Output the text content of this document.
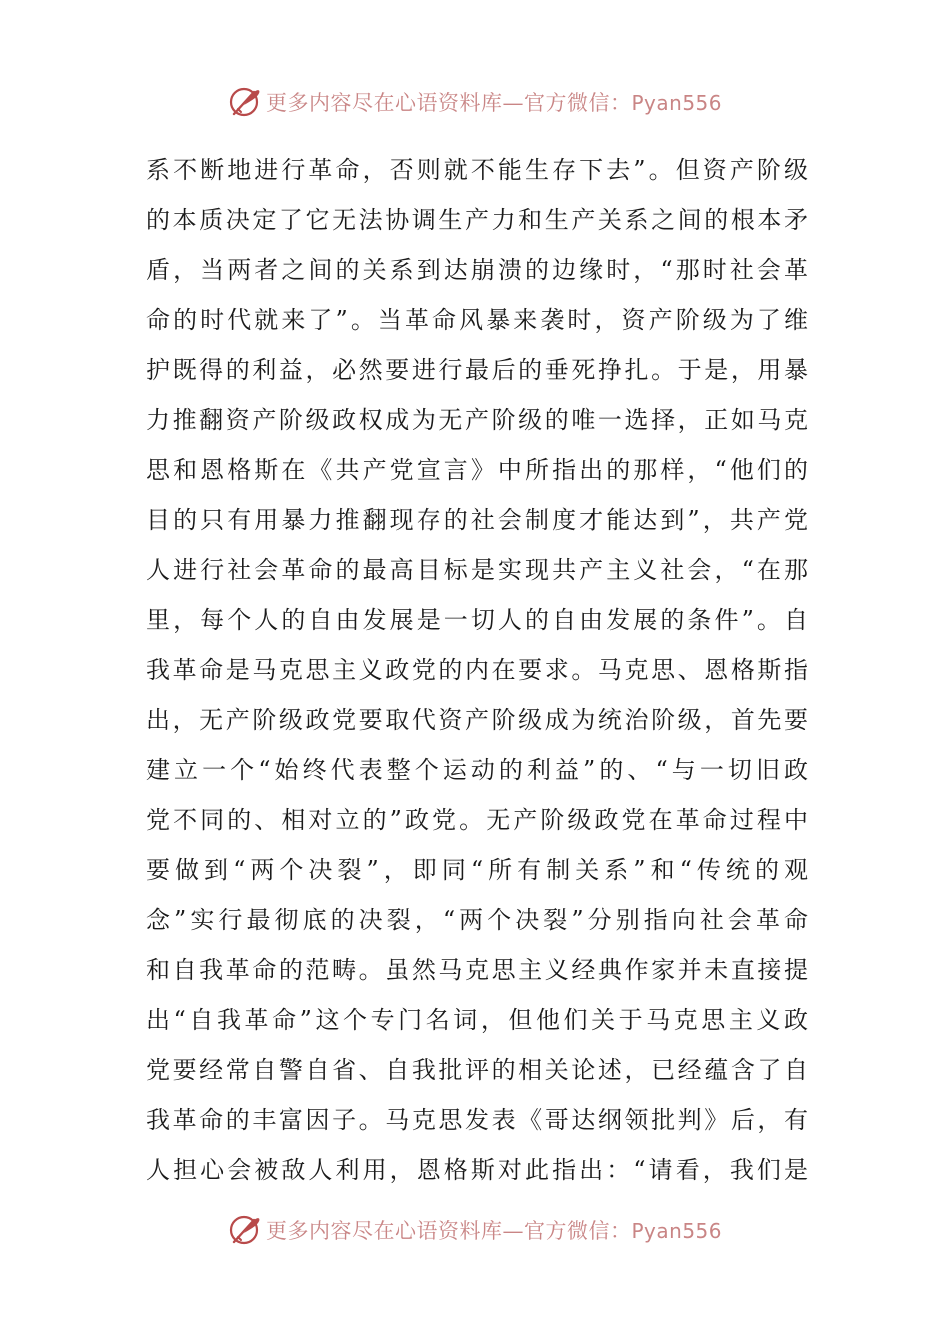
更多内容尽在心语资料库—官方微信：Pyan556
系不断地进行革命，否则就不能生存下去”。但资产阶级
的本质决定了它无法协调生产力和生产关系之间的根本矛
盾，当两者之间的关系到达崩溃的边缘时，“那时社会革
命的时代就来了”。当革命风暴来袭时，资产阶级为了维
护既得的利益，必然要进行最后的垂死挣扎。于是，用暴
力推翻资产阶级政权成为无产阶级的唯一选择，正如马克
思和恩格斯在《共产党宣言》中所指出的那样，“他们的
目的只有用暴力推翻现存的社会制度才能达到”，共产党
人进行社会革命的最高目标是实现共产主义社会，“在那
里，每个人的自由发展是一切人的自由发展的条件”。自
我革命是马克思主义政党的内在要求。马克思、恩格斯指
出，无产阶级政党要取代资产阶级成为统治阶级，首先要
建立一个“始终代表整个运动的利益”的、“与一切旧政
党不同的、相对立的”政党。无产阶级政党在革命过程中
要做到“两个决裂”，即同“所有制关系”和“传统的观
念”实行最彻底的决裂，“两个决裂”分别指向社会革命
和自我革命的范畴。虽然马克思主义经典作家并未直接提
出“自我革命”这个专门名词，但他们关于马克思主义政
党要经常自警自省、自我批评的相关论述，已经蕴含了自
我革命的丰富因子。马克思发表《哥达纲领批判》后，有
人担心会被敌人利用，恩格斯对此指出：“请看，我们是
更多内容尽在心语资料库—官方微信：Pyan556
